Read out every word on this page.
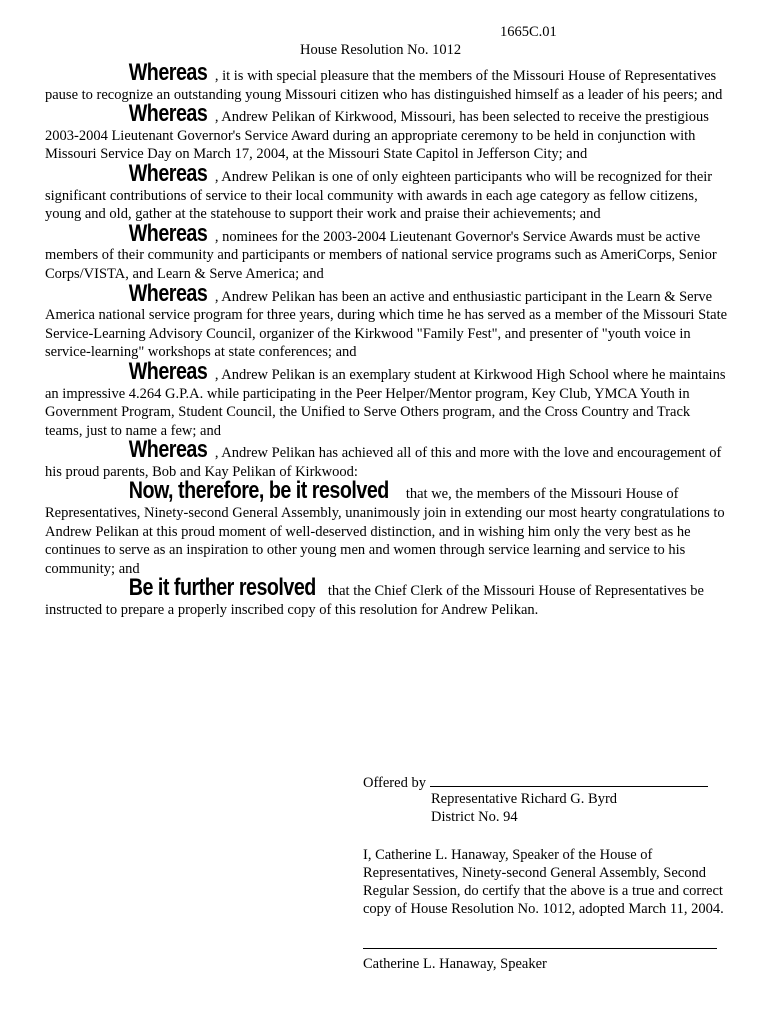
1665C.01
House Resolution No. 1012

Whereas , it is with special pleasure that the members of the Missouri House of Representatives pause to recognize an outstanding young Missouri citizen who has distinguished himself as a leader of his peers; and

Whereas , Andrew Pelikan of Kirkwood, Missouri, has been selected to receive the prestigious 2003-2004 Lieutenant Governor's Service Award during an appropriate ceremony to be held in conjunction with Missouri Service Day on March 17, 2004, at the Missouri State Capitol in Jefferson City; and

Whereas , Andrew Pelikan is one of only eighteen participants who will be recognized for their significant contributions of service to their local community with awards in each age category as fellow citizens, young and old, gather at the statehouse to support their work and praise their achievements; and

Whereas , nominees for the 2003-2004 Lieutenant Governor's Service Awards must be active members of their community and participants or members of national service programs such as AmeriCorps, Senior Corps/VISTA, and Learn & Serve America; and

Whereas , Andrew Pelikan has been an active and enthusiastic participant in the Learn & Serve America national service program for three years, during which time he has served as a member of the Missouri State Service-Learning Advisory Council, organizer of the Kirkwood "Family Fest", and presenter of "youth voice in service-learning" workshops at state conferences; and

Whereas , Andrew Pelikan is an exemplary student at Kirkwood High School where he maintains an impressive 4.264 G.P.A. while participating in the Peer Helper/Mentor program, Key Club, YMCA Youth in Government Program, Student Council, the Unified to Serve Others program, and the Cross Country and Track teams, just to name a few; and

Whereas , Andrew Pelikan has achieved all of this and more with the love and encouragement of his proud parents, Bob and Kay Pelikan of Kirkwood:

Now, therefore, be it resolved that we, the members of the Missouri House of Representatives, Ninety-second General Assembly, unanimously join in extending our most hearty congratulations to Andrew Pelikan at this proud moment of well-deserved distinction, and in wishing him only the very best as he continues to serve as an inspiration to other young men and women through service learning and service to his community; and

Be it further resolved that the Chief Clerk of the Missouri House of Representatives be instructed to prepare a properly inscribed copy of this resolution for Andrew Pelikan.

Offered by
Representative Richard G. Byrd
District No. 94
I, Catherine L. Hanaway, Speaker of the House of Representatives, Ninety-second General Assembly, Second Regular Session, do certify that the above is a true and correct copy of House Resolution No. 1012, adopted March 11, 2004.
Catherine L. Hanaway, Speaker
